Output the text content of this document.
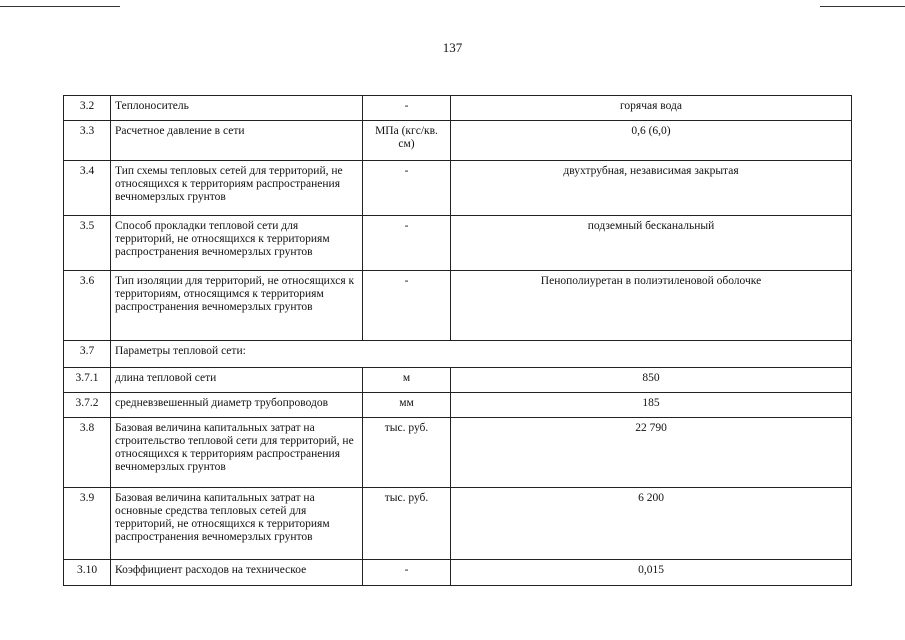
137
3.2	Теплоноситель	-	горячая вода
3.3	Расчетное давление в сети	МПа (кгс/кв. см)	0,6 (6,0)
3.4	Тип схемы тепловых сетей для территорий, не относящихся к территориям распространения вечномерзлых грунтов	-	двухтрубная, независимая закрытая
3.5	Способ прокладки тепловой сети для территорий, не относящихся к территориям распространения вечномерзлых грунтов	-	подземный бесканальный
3.6	Тип изоляции для территорий, не относящихся к территориям, относящимся к территориям распространения вечномерзлых грунтов	-	Пенополиуретан в полиэтиленовой оболочке
3.7	Параметры тепловой сети:		
3.7.1	длина тепловой сети	м	850
3.7.2	средневзвешенный диаметр трубопроводов	мм	185
3.8	Базовая величина капитальных затрат на строительство тепловой сети для территорий, не относящихся к территориям распространения вечномерзлых грунтов	тыс. руб.	22 790
3.9	Базовая величина капитальных затрат на основные средства тепловых сетей для территорий, не относящихся к территориям распространения вечномерзлых грунтов	тыс. руб.	6 200
3.10	Коэффициент расходов на техническое	-	0,015
